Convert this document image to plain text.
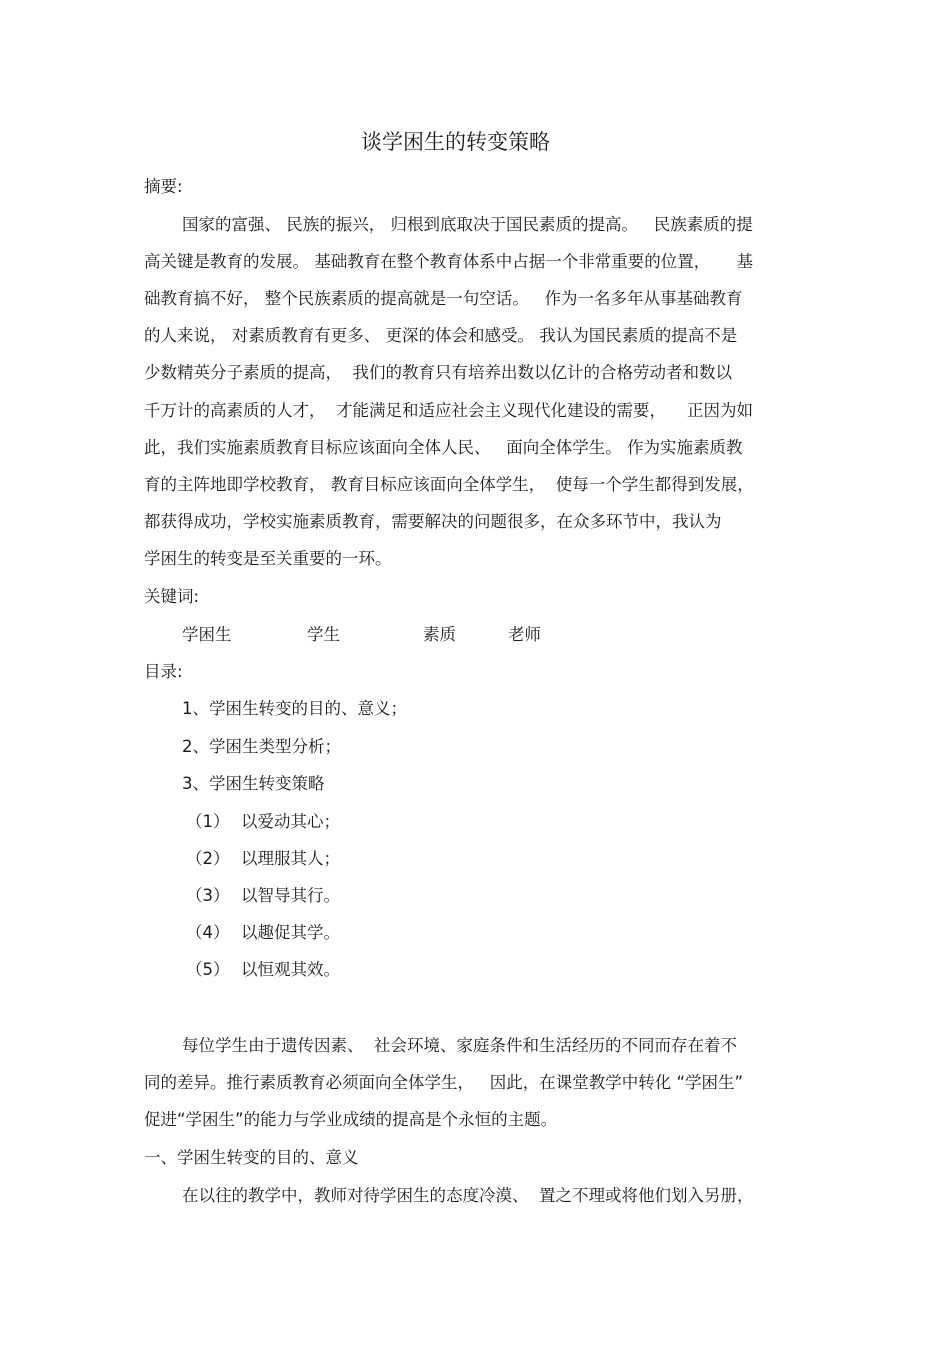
谈学困生的转变策略
摘要:
国家的富强、 民族的振兴， 归根到底取决于国民素质的提高。   民族素质的提
高关键是教育的发展。 基础教育在整个教育体系中占据一个非常重要的位置，     基
础教育搞不好， 整个民族素质的提高就是一句空话。   作为一名多年从事基础教育
的人来说， 对素质教育有更多、 更深的体会和感受。 我认为国民素质的提高不是
少数精英分子素质的提高，  我们的教育只有培养出数以亿计的合格劳动者和数以
千万计的高素质的人才，  才能满足和适应社会主义现代化建设的需要，    正因为如
此，我们实施素质教育目标应该面向全体人民、   面向全体学生。 作为实施素质教
育的主阵地即学校教育， 教育目标应该面向全体学生，  使每一个学生都得到发展，
都获得成功，学校实施素质教育，需要解决的问题很多，在众多环节中，我认为
学困生的转变是至关重要的一环。
关键词:
学困生	学生	素质	老师
目录:
1、学困生转变的目的、意义；
2、学困生类型分析；
3、学困生转变策略
（1） 以爱动其心；
（2） 以理服其人；
（3） 以智导其行。
（4） 以趣促其学。
（5） 以恒观其效。
每位学生由于遗传因素、  社会环境、家庭条件和生活经历的不同而存在着不
同的差异。推行素质教育必须面向全体学生，   因此，在课堂教学中转化 “学困生”
促进“学困生”的能力与学业成绩的提高是个永恒的主题。
一、学困生转变的目的、意义
在以往的教学中，教师对待学困生的态度冷漠、  置之不理或将他们划入另册，
